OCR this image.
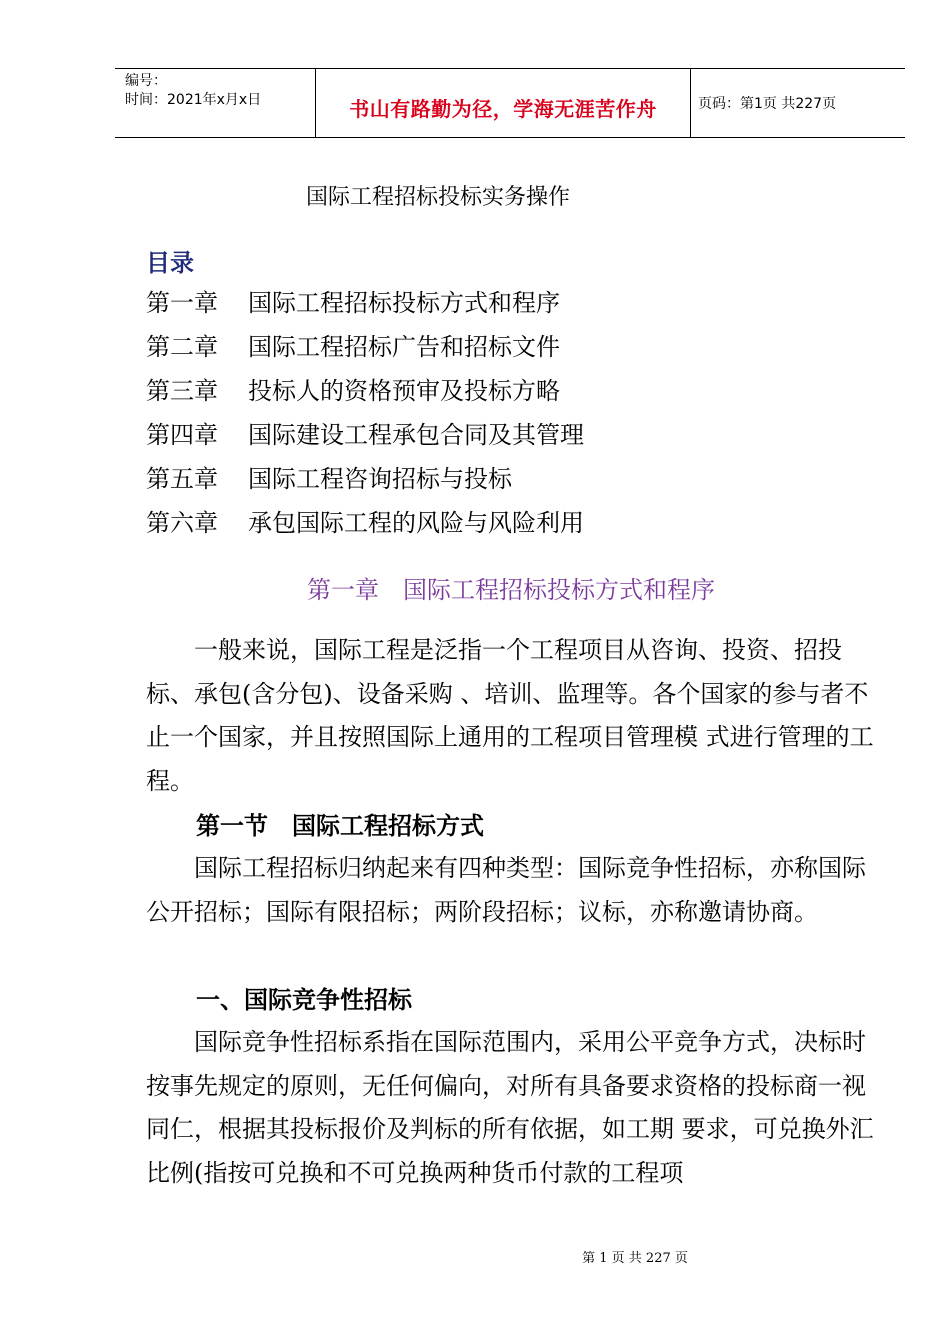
编号：
时间：2021年x月x日	书山有路勤为径，学海无涯苦作舟	页码：第1页 共227页
国际工程招标投标实务操作
目录
第一章 国际工程招标投标方式和程序
第二章 国际工程招标广告和招标文件
第三章 投标人的资格预审及投标方略
第四章 国际建设工程承包合同及其管理
第五章 国际工程咨询招标与投标
第六章 承包国际工程的风险与风险利用
第一章　国际工程招标投标方式和程序

　　一般来说，国际工程是泛指一个工程项目从咨询、投资、招投标、承包(含分包)、设备采购 、培训、监理等。各个国家的参与者不止一个国家，并且按照国际上通用的工程项目管理模 式进行管理的工程。

第一节　国际工程招标方式

　　国际工程招标归纳起来有四种类型：国际竞争性招标，亦称国际公开招标；国际有限招标；两阶段招标；议标，亦称邀请协商。

一、国际竞争性招标

　　国际竞争性招标系指在国际范围内，采用公平竞争方式，决标时按事先规定的原则，无任何偏向，对所有具备要求资格的投标商一视同仁，根据其投标报价及判标的所有依据，如工期 要求，可兑换外汇比例(指按可兑换和不可兑换两种货币付款的工程项

第 1 页 共 227 页
